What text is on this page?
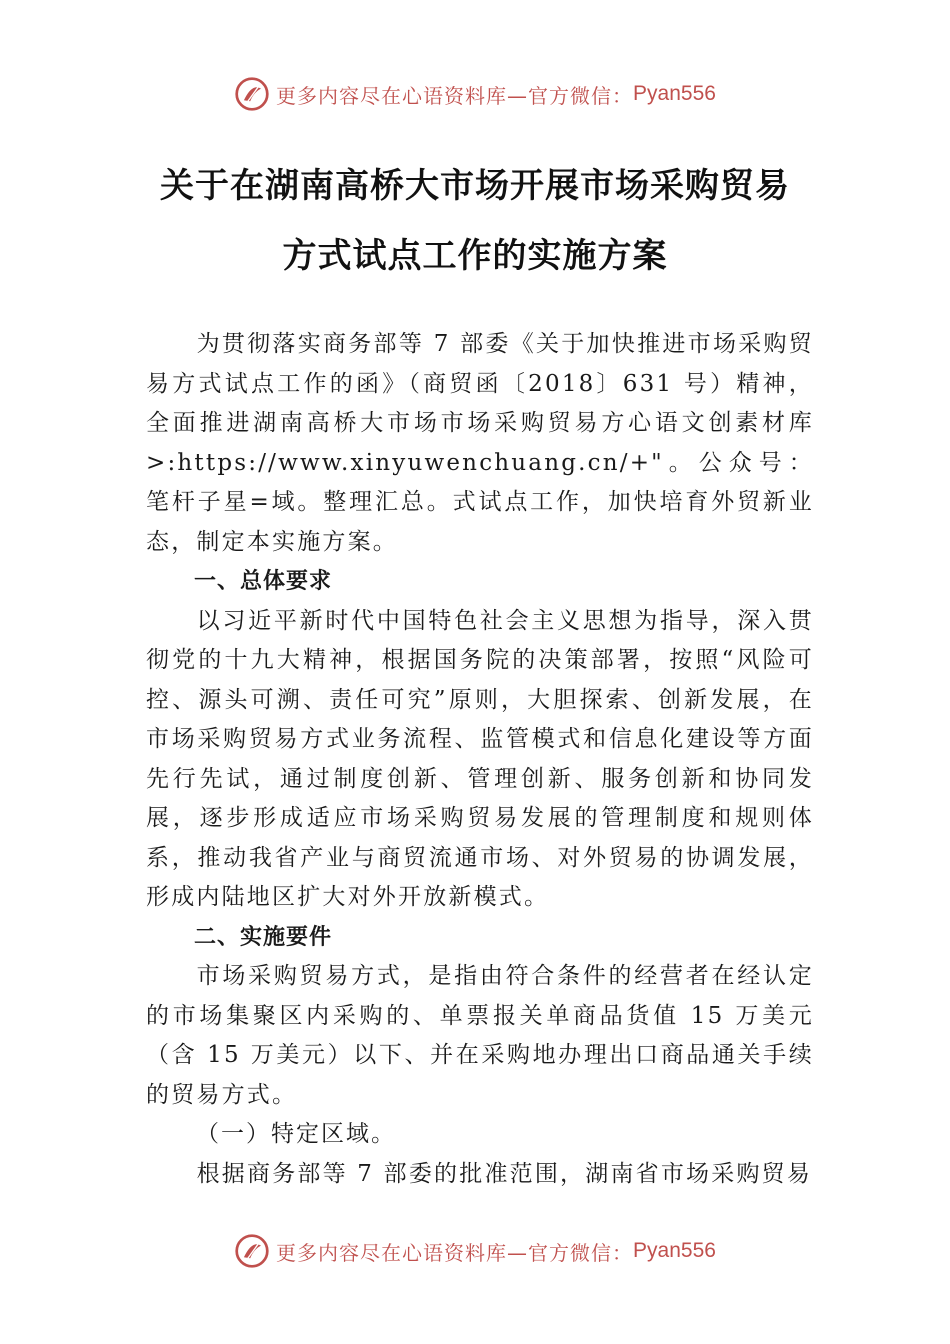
更多内容尽在心语资料库—官方微信： Pyan556
关于在湖南高桥大市场开展市场采购贸易
方式试点工作的实施方案

为贯彻落实商务部等 7 部委《关于加快推进市场采购贸易方式试点工作的函》（商贸函〔2018〕631 号）精神，全面推进湖南高桥大市场市场采购贸易方心语文创素材库>:https://www.xinyuwenchuang.cn/+"。公众号：笔杆子星=域。整理汇总。式试点工作，加快培育外贸新业态，制定本实施方案。

一、总体要求

以习近平新时代中国特色社会主义思想为指导，深入贯彻党的十九大精神，根据国务院的决策部署，按照“风险可控、源头可溯、责任可究”原则，大胆探索、创新发展，在市场采购贸易方式业务流程、监管模式和信息化建设等方面先行先试，通过制度创新、管理创新、服务创新和协同发展，逐步形成适应市场采购贸易发展的管理制度和规则体系，推动我省产业与商贸流通市场、对外贸易的协调发展，形成内陆地区扩大对外开放新模式。

二、实施要件

市场采购贸易方式，是指由符合条件的经营者在经认定的市场集聚区内采购的、单票报关单商品货值 15 万美元（含 15 万美元）以下、并在采购地办理出口商品通关手续的贸易方式。

（一）特定区域。

根据商务部等 7 部委的批准范围，湖南省市场采购贸易

更多内容尽在心语资料库—官方微信： Pyan556
